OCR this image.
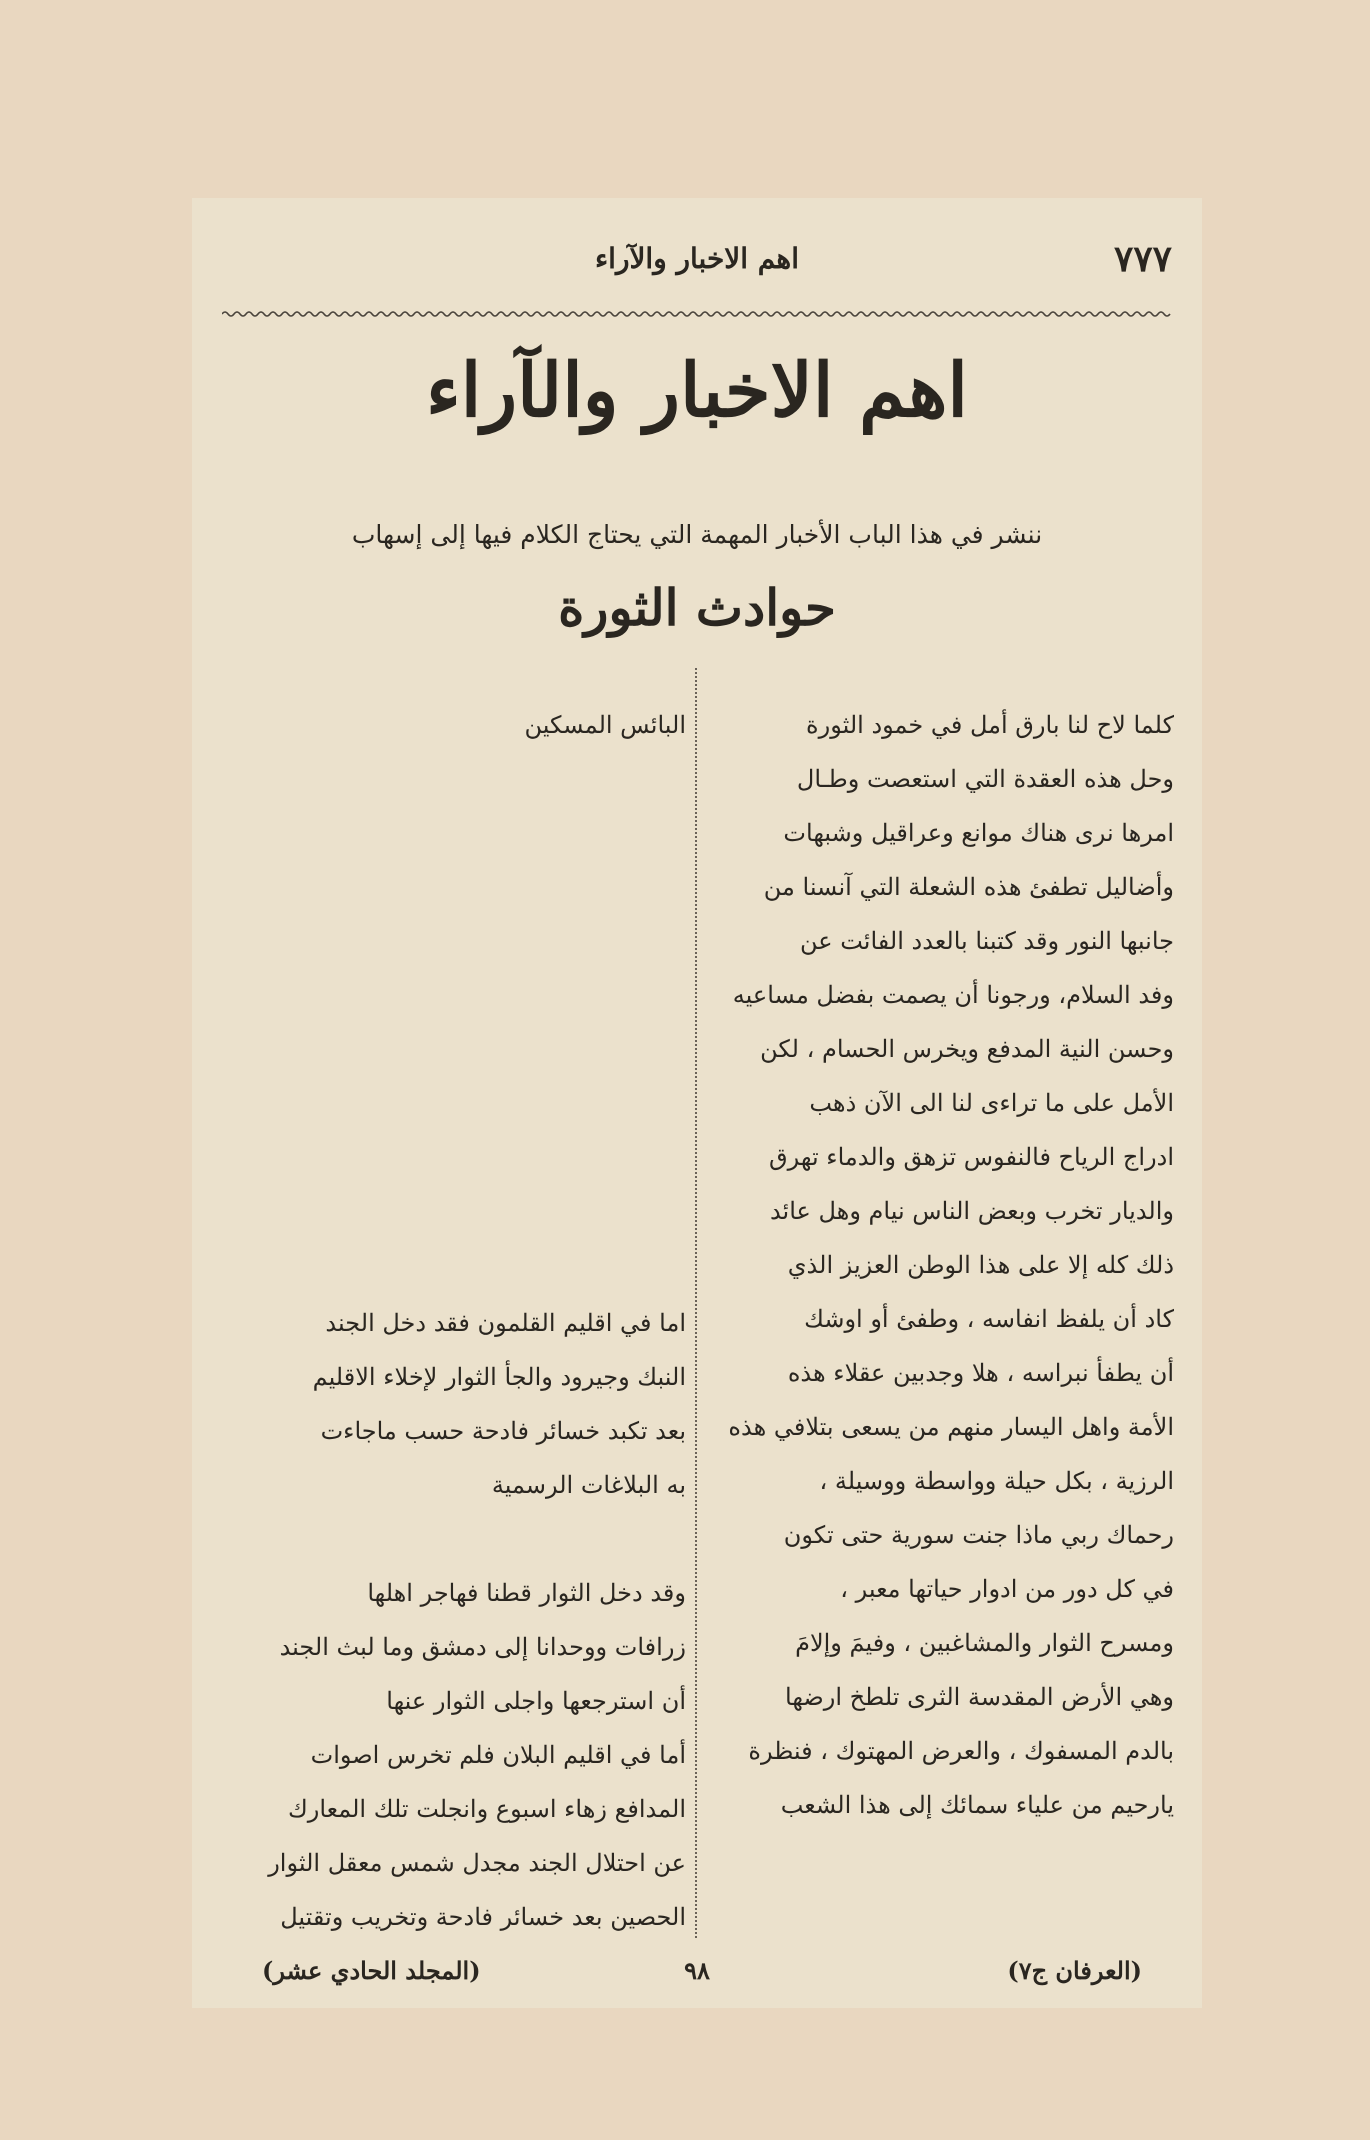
٧٧٧
اهم الاخبار والآراء
اهم الاخبار والآراء
ننشر في هذا الباب الأخبار المهمة التي يحتاج الكلام فيها إلى إسهاب
حوادث الثورة
كلما لاح لنا بارق أمل في خمود الثورة
وحل هذه العقدة التي استعصت وطـال
امرها نرى هناك موانع وعراقيل وشبهات
وأضاليل تطفئ هذه الشعلة التي آنسنا من
جانبها النور وقد كتبنا بالعدد الفائت عن
وفد السلام، ورجونا أن يصمت بفضل مساعيه
وحسن النية المدفع ويخرس الحسام ، لكن
الأمل على ما تراءى لنا الى الآن ذهب
ادراج الرياح فالنفوس تزهق والدماء تهرق
والديار تخرب وبعض الناس نيام وهل عائد
ذلك كله إلا على هذا الوطن العزيز الذي
كاد أن يلفظ انفاسه ، وطفئ أو اوشك
أن يطفأ نبراسه ، هلا وجدبين عقلاء هذه
الأمة واهل اليسار منهم من يسعى بتلافي هذه
الرزية ، بكل حيلة وواسطة ووسيلة ،
رحماك ربي ماذا جنت سورية حتى تكون
في كل دور من ادوار حياتها معبر ،
ومسرح الثوار والمشاغبين ، وفيمَ وإلامَ
وهي الأرض المقدسة الثرى تلطخ ارضها
بالدم المسفوك ، والعرض المهتوك ، فنظرة
يارحيم من علياء سمائك إلى هذا الشعب
البائس المسكين
اما في اقليم القلمون فقد دخل الجند
النبك وجيرود والجأ الثوار لإخلاء الاقليم
بعد تكبد خسائر فادحة حسب ماجاءت
به البلاغات الرسمية
وقد دخل الثوار قطنا فهاجر اهلها
زرافات ووحدانا إلى دمشق وما لبث الجند
أن استرجعها واجلى الثوار عنها
أما في اقليم البلان فلم تخرس اصوات
المدافع زهاء اسبوع وانجلت تلك المعارك
عن احتلال الجند مجدل شمس معقل الثوار
الحصين بعد خسائر فادحة وتخريب وتقتيل
(العرفان ج٧)
٩٨
(المجلد الحادي عشر)
